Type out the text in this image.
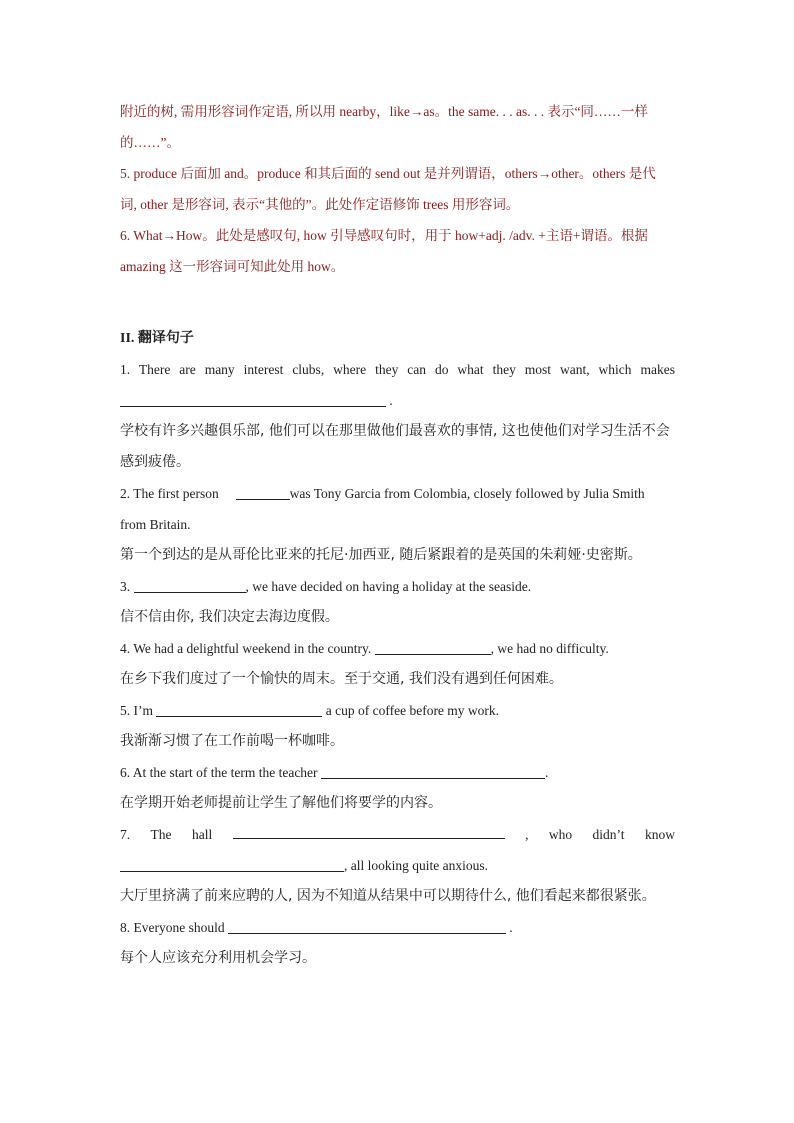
附近的树, 需用形容词作定语, 所以用 nearby，like→as。the same. . . as. . . 表示“同……一样

的……”。

5. produce 后面加 and。produce 和其后面的 send out 是并列谓语，others→other。others 是代

词, other 是形容词, 表示“其他的”。此处作定语修饰 trees 用形容词。

6. What→How。此处是感叹句, how 引导感叹句时，用于 how+adj. /adv. +主语+谓语。根据

amazing 这一形容词可知此处用 how。

II. 翻译句子

1. There are many interest clubs, where they can do what they most want, which makes

.

学校有许多兴趣俱乐部, 他们可以在那里做他们最喜欢的事情, 这也使他们对学习生活不会

感到疲倦。

2. The first person	was Tony Garcia from Colombia, closely followed by Julia Smith

from Britain.

第一个到达的是从哥伦比亚来的托尼·加西亚, 随后紧跟着的是英国的朱莉娅·史密斯。

3.	, we have decided on having a holiday at the seaside.

信不信由你, 我们决定去海边度假。

4. We had a delightful weekend in the country.	, we had no difficulty.

在乡下我们度过了一个愉快的周末。至于交通, 我们没有遇到任何困难。

5. I’m	a cup of coffee before my work.

我渐渐习惯了在工作前喝一杯咖啡。

6. At the start of the term the teacher	.

在学期开始老师提前让学生了解他们将要学的内容。

7. The hall	, who didn’t know

, all looking quite anxious.

大厅里挤满了前来应聘的人, 因为不知道从结果中可以期待什么, 他们看起来都很紧张。

8. Everyone should	.

每个人应该充分利用机会学习。
